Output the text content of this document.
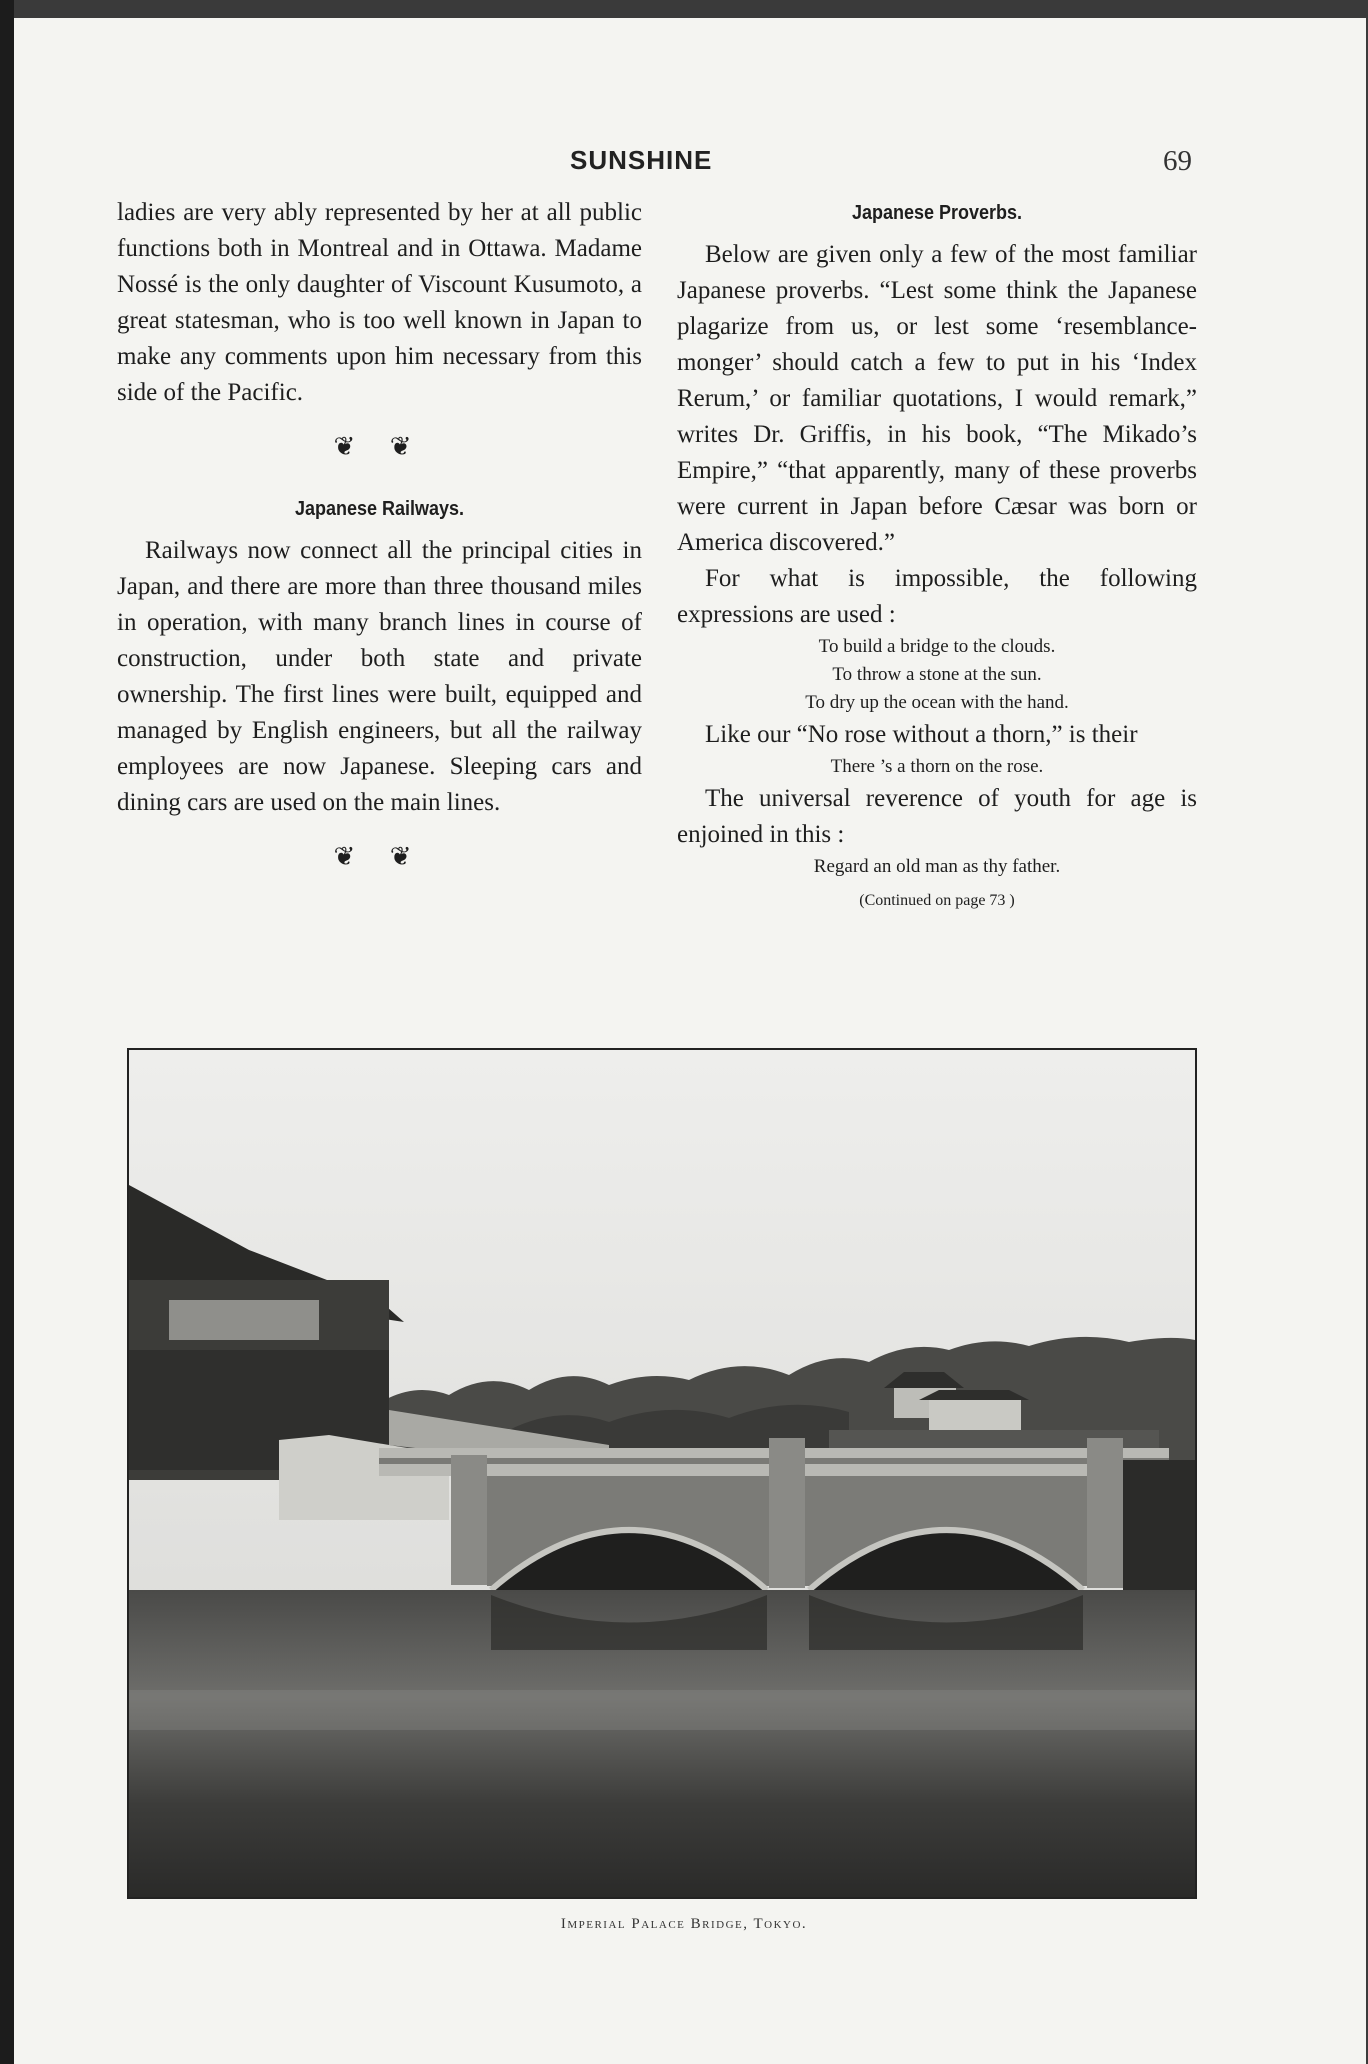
SUNSHINE	69

ladies are very ably represented by her at all public functions both in Montreal and in Ottawa. Madame Nossé is the only daughter of Viscount Kusumoto, a great statesman, who is too well known in Japan to make any comments upon him necessary from this side of the Pacific.

❦ ❦
Japanese Railways.

Railways now connect all the principal cities in Japan, and there are more than three thousand miles in operation, with many branch lines in course of construction, under both state and private ownership. The first lines were built, equipped and managed by English engineers, but all the railway employees are now Japanese. Sleeping cars and dining cars are used on the main lines.

❦ ❦
Japanese Proverbs.

Below are given only a few of the most familiar Japanese proverbs. “Lest some think the Japanese plagarize from us, or lest some ‘resemblance-monger’ should catch a few to put in his ‘Index Rerum,’ or familiar quotations, I would remark,” writes Dr. Griffis, in his book, “The Mikado’s Empire,” “that apparently, many of these proverbs were current in Japan before Cæsar was born or America discovered.”

For what is impossible, the following expressions are used :

To build a bridge to the clouds.
To throw a stone at the sun.
To dry up the ocean with the hand.

Like our “No rose without a thorn,” is their

There ’s a thorn on the rose.

The universal reverence of youth for age is enjoined in this :

Regard an old man as thy father.
(Continued on page 73 )
Imperial Palace Bridge, Tokyo.
